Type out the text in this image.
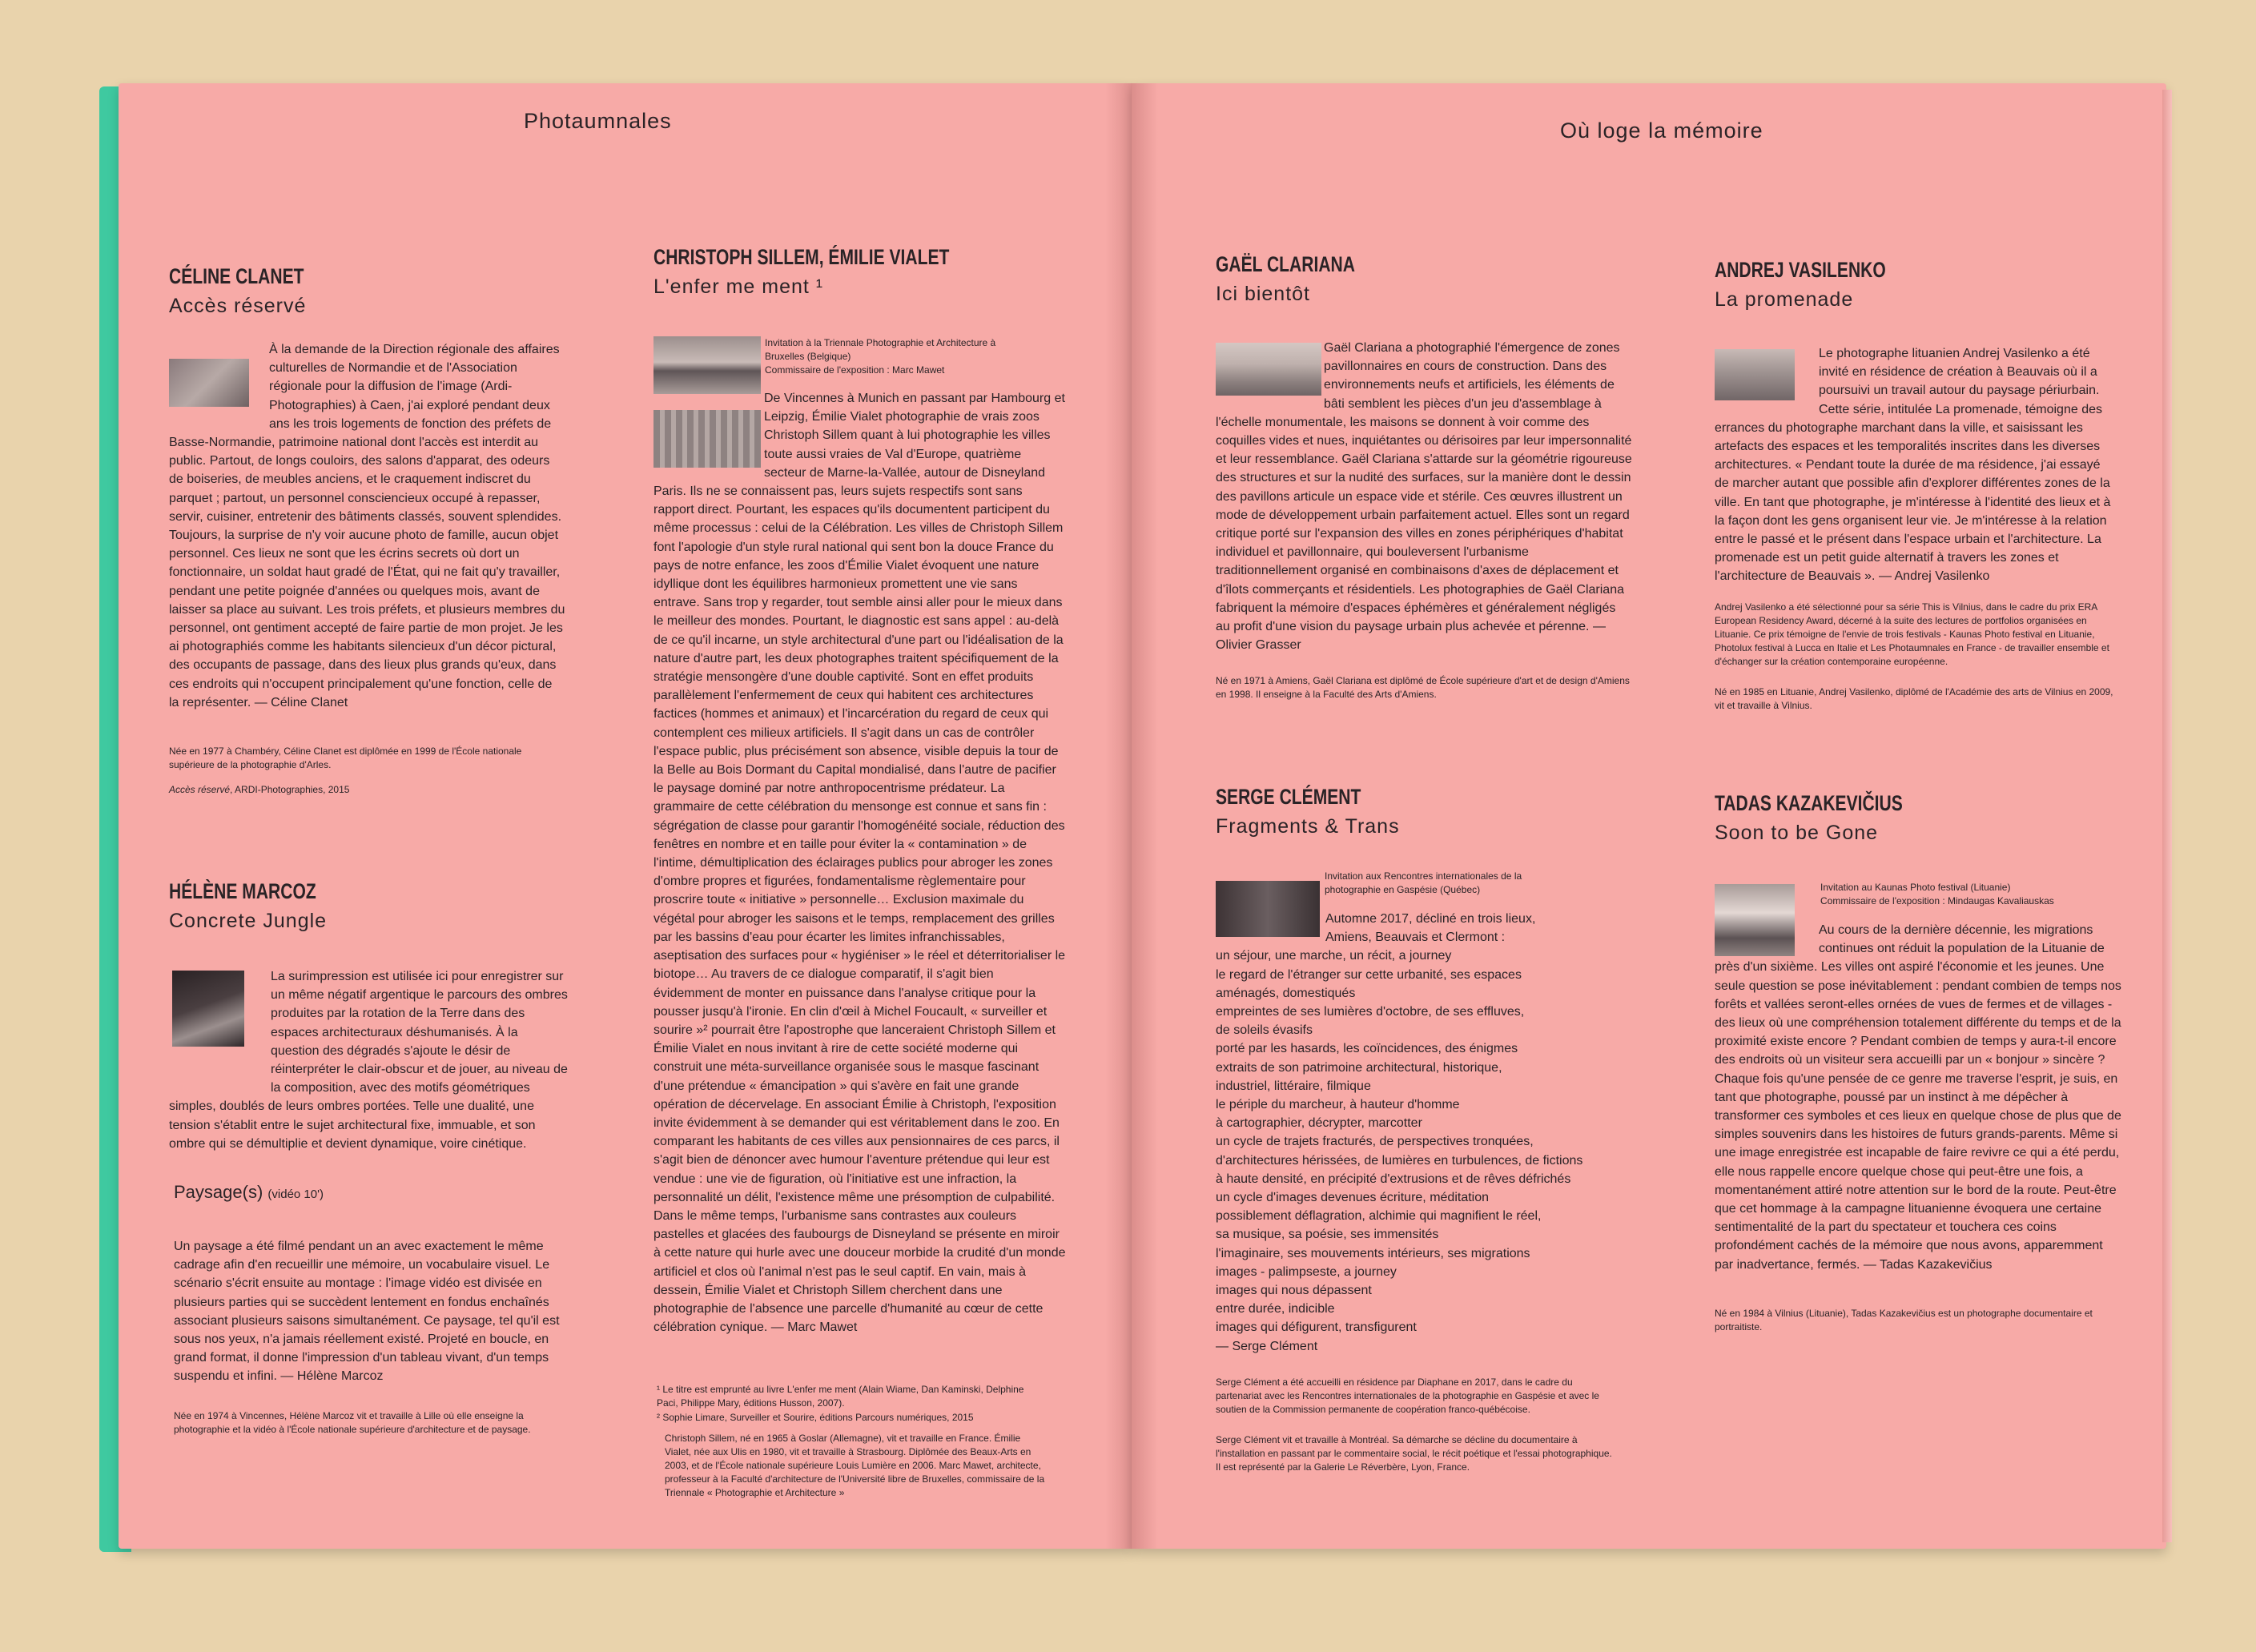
Photaumnales	Où loge la mémoire
CÉLINE CLANET
Accès réservé

À la demande de la Direction régionale des affaires culturelles de Normandie et de l'Association régionale pour la diffusion de l'image (Ardi-Photographies) à Caen, j'ai exploré pendant deux ans les trois logements de fonction des préfets de Basse-Normandie, patrimoine national dont l'accès est interdit au public. Partout, de longs couloirs, des salons d'apparat, des odeurs de boiseries, de meubles anciens, et le craquement indiscret du parquet ; partout, un personnel consciencieux occupé à repasser, servir, cuisiner, entretenir des bâtiments classés, souvent splendides. Toujours, la surprise de n'y voir aucune photo de famille, aucun objet personnel. Ces lieux ne sont que les écrins secrets où dort un fonctionnaire, un soldat haut gradé de l'État, qui ne fait qu'y travailler, pendant une petite poignée d'années ou quelques mois, avant de laisser sa place au suivant. Les trois préfets, et plusieurs membres du personnel, ont gentiment accepté de faire partie de mon projet. Je les ai photographiés comme les habitants silencieux d'un décor pictural, des occupants de passage, dans des lieux plus grands qu'eux, dans ces endroits qui n'occupent principalement qu'une fonction, celle de la représenter. — Céline Clanet

Née en 1977 à Chambéry, Céline Clanet est diplômée en 1999 de l'École nationale supérieure de la photographie d'Arles.

Accès réservé, ARDI-Photographies, 2015

HÉLÈNE MARCOZ
Concrete Jungle

La surimpression est utilisée ici pour enregistrer sur un même négatif argentique le parcours des ombres produites par la rotation de la Terre dans des espaces architecturaux déshumanisés. À la question des dégradés s'ajoute le désir de réinterpréter le clair-obscur et de jouer, au niveau de la composition, avec des motifs géométriques simples, doublés de leurs ombres portées. Telle une dualité, une tension s'établit entre le sujet architectural fixe, immuable, et son ombre qui se démultiplie et devient dynamique, voire cinétique.

Paysage(s) (vidéo 10')

Un paysage a été filmé pendant un an avec exactement le même cadrage afin d'en recueillir une mémoire, un vocabulaire visuel. Le scénario s'écrit ensuite au montage : l'image vidéo est divisée en plusieurs parties qui se succèdent lentement en fondus enchaînés associant plusieurs saisons simultanément. Ce paysage, tel qu'il est sous nos yeux, n'a jamais réellement existé. Projeté en boucle, en grand format, il donne l'impression d'un tableau vivant, d'un temps suspendu et infini. — Hélène Marcoz

Née en 1974 à Vincennes, Hélène Marcoz vit et travaille à Lille où elle enseigne la photographie et la vidéo à l'École nationale supérieure d'architecture et de paysage.

CHRISTOPH SILLEM, ÉMILIE VIALET
L'enfer me ment ¹

Invitation à la Triennale Photographie et Architecture à Bruxelles (Belgique)

Commissaire de l'exposition : Marc Mawet

De Vincennes à Munich en passant par Hambourg et Leipzig, Émilie Vialet photographie de vrais zoos Christoph Sillem quant à lui photographie les villes toute aussi vraies de Val d'Europe, quatrième secteur de Marne-la-Vallée, autour de Disneyland Paris. Ils ne se connaissent pas, leurs sujets respectifs sont sans rapport direct. Pourtant, les espaces qu'ils documentent participent du même processus : celui de la Célébration. Les villes de Christoph Sillem font l'apologie d'un style rural national qui sent bon la douce France du pays de notre enfance, les zoos d'Émilie Vialet évoquent une nature idyllique dont les équilibres harmonieux promettent une vie sans entrave. Sans trop y regarder, tout semble ainsi aller pour le mieux dans le meilleur des mondes. Pourtant, le diagnostic est sans appel : au-delà de ce qu'il incarne, un style architectural d'une part ou l'idéalisation de la nature d'autre part, les deux photographes traitent spécifiquement de la stratégie mensongère d'une double captivité. Sont en effet produits parallèlement l'enfermement de ceux qui habitent ces architectures factices (hommes et animaux) et l'incarcération du regard de ceux qui contemplent ces milieux artificiels. Il s'agit dans un cas de contrôler l'espace public, plus précisément son absence, visible depuis la tour de la Belle au Bois Dormant du Capital mondialisé, dans l'autre de pacifier le paysage dominé par notre anthropocentrisme prédateur. La grammaire de cette célébration du mensonge est connue et sans fin : ségrégation de classe pour garantir l'homogénéité sociale, réduction des fenêtres en nombre et en taille pour éviter la « contamination » de l'intime, démultiplication des éclairages publics pour abroger les zones d'ombre propres et figurées, fondamentalisme règlementaire pour proscrire toute « initiative » personnelle… Exclusion maximale du végétal pour abroger les saisons et le temps, remplacement des grilles par les bassins d'eau pour écarter les limites infranchissables, aseptisation des surfaces pour « hygiéniser » le réel et déterritorialiser le biotope… Au travers de ce dialogue comparatif, il s'agit bien évidemment de monter en puissance dans l'analyse critique pour la pousser jusqu'à l'ironie. En clin d'œil à Michel Foucault, « surveiller et sourire »² pourrait être l'apostrophe que lanceraient Christoph Sillem et Émilie Vialet en nous invitant à rire de cette société moderne qui construit une méta-surveillance organisée sous le masque fascinant d'une prétendue « émancipation » qui s'avère en fait une grande opération de décervelage. En associant Émilie à Christoph, l'exposition invite évidemment à se demander qui est véritablement dans le zoo. En comparant les habitants de ces villes aux pensionnaires de ces parcs, il s'agit bien de dénoncer avec humour l'aventure prétendue qui leur est vendue : une vie de figuration, où l'initiative est une infraction, la personnalité un délit, l'existence même une présomption de culpabilité. Dans le même temps, l'urbanisme sans contrastes aux couleurs pastelles et glacées des faubourgs de Disneyland se présente en miroir à cette nature qui hurle avec une douceur morbide la crudité d'un monde artificiel et clos où l'animal n'est pas le seul captif. En vain, mais à dessein, Émilie Vialet et Christoph Sillem cherchent dans une photographie de l'absence une parcelle d'humanité au cœur de cette célébration cynique. — Marc Mawet

¹ Le titre est emprunté au livre L'enfer me ment (Alain Wiame, Dan Kaminski, Delphine Paci, Philippe Mary, éditions Husson, 2007).

² Sophie Limare, Surveiller et Sourire, éditions Parcours numériques, 2015

Christoph Sillem, né en 1965 à Goslar (Allemagne), vit et travaille en France. Émilie Vialet, née aux Ulis en 1980, vit et travaille à Strasbourg. Diplômée des Beaux-Arts en 2003, et de l'École nationale supérieure Louis Lumière en 2006. Marc Mawet, architecte, professeur à la Faculté d'architecture de l'Université libre de Bruxelles, commissaire de la Triennale « Photographie et Architecture »

GAËL CLARIANA
Ici bientôt

Gaël Clariana a photographié l'émergence de zones pavillonnaires en cours de construction. Dans des environnements neufs et artificiels, les éléments de bâti semblent les pièces d'un jeu d'assemblage à l'échelle monumentale, les maisons se donnent à voir comme des coquilles vides et nues, inquiétantes ou dérisoires par leur impersonnalité et leur ressemblance. Gaël Clariana s'attarde sur la géométrie rigoureuse des structures et sur la nudité des surfaces, sur la manière dont le dessin des pavillons articule un espace vide et stérile. Ces œuvres illustrent un mode de développement urbain parfaitement actuel. Elles sont un regard critique porté sur l'expansion des villes en zones périphériques d'habitat individuel et pavillonnaire, qui bouleversent l'urbanisme traditionnellement organisé en combinaisons d'axes de déplacement et d'îlots commerçants et résidentiels. Les photographies de Gaël Clariana fabriquent la mémoire d'espaces éphémères et généralement négligés au profit d'une vision du paysage urbain plus achevée et pérenne. — Olivier Grasser

Né en 1971 à Amiens, Gaël Clariana est diplômé de École supérieure d'art et de design d'Amiens en 1998. Il enseigne à la Faculté des Arts d'Amiens.

SERGE CLÉMENT
Fragments & Trans

Invitation aux Rencontres internationales de la photographie en Gaspésie (Québec)

Automne 2017, décliné en trois lieux,
Amiens, Beauvais et Clermont :
un séjour, une marche, un récit, a journey
le regard de l'étranger sur cette urbanité, ses espaces
aménagés, domestiqués
empreintes de ses lumières d'octobre, de ses effluves,
de soleils évasifs
porté par les hasards, les coïncidences, des énigmes
extraits de son patrimoine architectural, historique,
industriel, littéraire, filmique
le périple du marcheur, à hauteur d'homme
à cartographier, décrypter, marcotter
un cycle de trajets fracturés, de perspectives tronquées,
d'architectures hérissées, de lumières en turbulences, de fictions
à haute densité, en précipité d'extrusions et de rêves défrichés
un cycle d'images devenues écriture, méditation
possiblement déflagration, alchimie qui magnifient le réel,
sa musique, sa poésie, ses immensités
l'imaginaire, ses mouvements intérieurs, ses migrations
images - palimpseste, a journey
images qui nous dépassent
entre durée, indicible
images qui défigurent, transfigurent
— Serge Clément

Serge Clément a été accueilli en résidence par Diaphane en 2017, dans le cadre du partenariat avec les Rencontres internationales de la photographie en Gaspésie et avec le soutien de la Commission permanente de coopération franco-québécoise.

Serge Clément vit et travaille à Montréal. Sa démarche se décline du documentaire à l'installation en passant par le commentaire social, le récit poétique et l'essai photographique. Il est représenté par la Galerie Le Réverbère, Lyon, France.

ANDREJ VASILENKO
La promenade

Le photographe lituanien Andrej Vasilenko a été invité en résidence de création à Beauvais où il a poursuivi un travail autour du paysage périurbain. Cette série, intitulée La promenade, témoigne des errances du photographe marchant dans la ville, et saisissant les artefacts des espaces et les temporalités inscrites dans les diverses architectures. « Pendant toute la durée de ma résidence, j'ai essayé de marcher autant que possible afin d'explorer différentes zones de la ville. En tant que photographe, je m'intéresse à l'identité des lieux et à la façon dont les gens organisent leur vie. Je m'intéresse à la relation entre le passé et le présent dans l'espace urbain et l'architecture. La promenade est un petit guide alternatif à travers les zones et l'architecture de Beauvais ». — Andrej Vasilenko

Andrej Vasilenko a été sélectionné pour sa série This is Vilnius, dans le cadre du prix ERA European Residency Award, décerné à la suite des lectures de portfolios organisées en Lituanie. Ce prix témoigne de l'envie de trois festivals - Kaunas Photo festival en Lituanie, Photolux festival à Lucca en Italie et Les Photaumnales en France - de travailler ensemble et d'échanger sur la création contemporaine européenne.

Né en 1985 en Lituanie, Andrej Vasilenko, diplômé de l'Académie des arts de Vilnius en 2009, vit et travaille à Vilnius.

TADAS KAZAKEVIČIUS
Soon to be Gone

Invitation au Kaunas Photo festival (Lituanie)

Commissaire de l'exposition : Mindaugas Kavaliauskas

Au cours de la dernière décennie, les migrations continues ont réduit la population de la Lituanie de près d'un sixième. Les villes ont aspiré l'économie et les jeunes. Une seule question se pose inévitablement : pendant combien de temps nos forêts et vallées seront-elles ornées de vues de fermes et de villages - des lieux où une compréhension totalement différente du temps et de la proximité existe encore ? Pendant combien de temps y aura-t-il encore des endroits où un visiteur sera accueilli par un « bonjour » sincère ? Chaque fois qu'une pensée de ce genre me traverse l'esprit, je suis, en tant que photographe, poussé par un instinct à me dépêcher à transformer ces symboles et ces lieux en quelque chose de plus que de simples souvenirs dans les histoires de futurs grands-parents. Même si une image enregistrée est incapable de faire revivre ce qui a été perdu, elle nous rappelle encore quelque chose qui peut-être une fois, a momentanément attiré notre attention sur le bord de la route. Peut-être que cet hommage à la campagne lituanienne évoquera une certaine sentimentalité de la part du spectateur et touchera ces coins profondément cachés de la mémoire que nous avons, apparemment par inadvertance, fermés. — Tadas Kazakevičius

Né en 1984 à Vilnius (Lituanie), Tadas Kazakevičius est un photographe documentaire et portraitiste.
